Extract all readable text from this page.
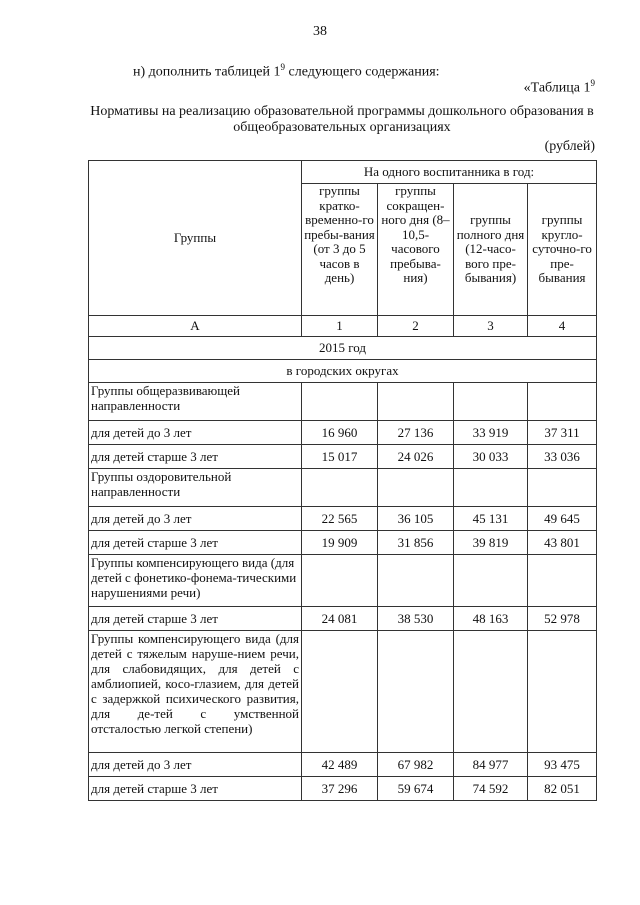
38
н) дополнить таблицей $1^9$ следующего содержания:
«Таблица $1^9$
Нормативы на реализацию образовательной программы дошкольного образования в общеобразовательных организациях
(рублей)
Группы	На одного воспитанника в год:			
	группы кратко-временно-го пребы-вания (от 3 до 5 часов в день)	группы сокращен-ного дня (8–10,5-часового пребыва-ния)	группы полного дня (12-часо-вого пре-бывания)	группы кругло-суточно-го пре-бывания
А	1	2	3	4
2015 год				
в городских округах				
Группы общеразвивающей направленности				
для детей до 3 лет	16 960	27 136	33 919	37 311
для детей старше 3 лет	15 017	24 026	30 033	33 036
Группы оздоровительной направленности				
для детей до 3 лет	22 565	36 105	45 131	49 645
для детей старше 3 лет	19 909	31 856	39 819	43 801
Группы компенсирующего вида (для детей с фонетико-фонема-тическими нарушениями речи)				
для детей старше 3 лет	24 081	38 530	48 163	52 978
Группы компенсирующего вида (для детей с тяжелым наруше-нием речи, для слабовидящих, для детей с амблиопией, косо-глазием, для детей с задержкой психического развития, для де-тей с умственной отсталостью легкой степени)				
для детей до 3 лет	42 489	67 982	84 977	93 475
для детей старше 3 лет	37 296	59 674	74 592	82 051
